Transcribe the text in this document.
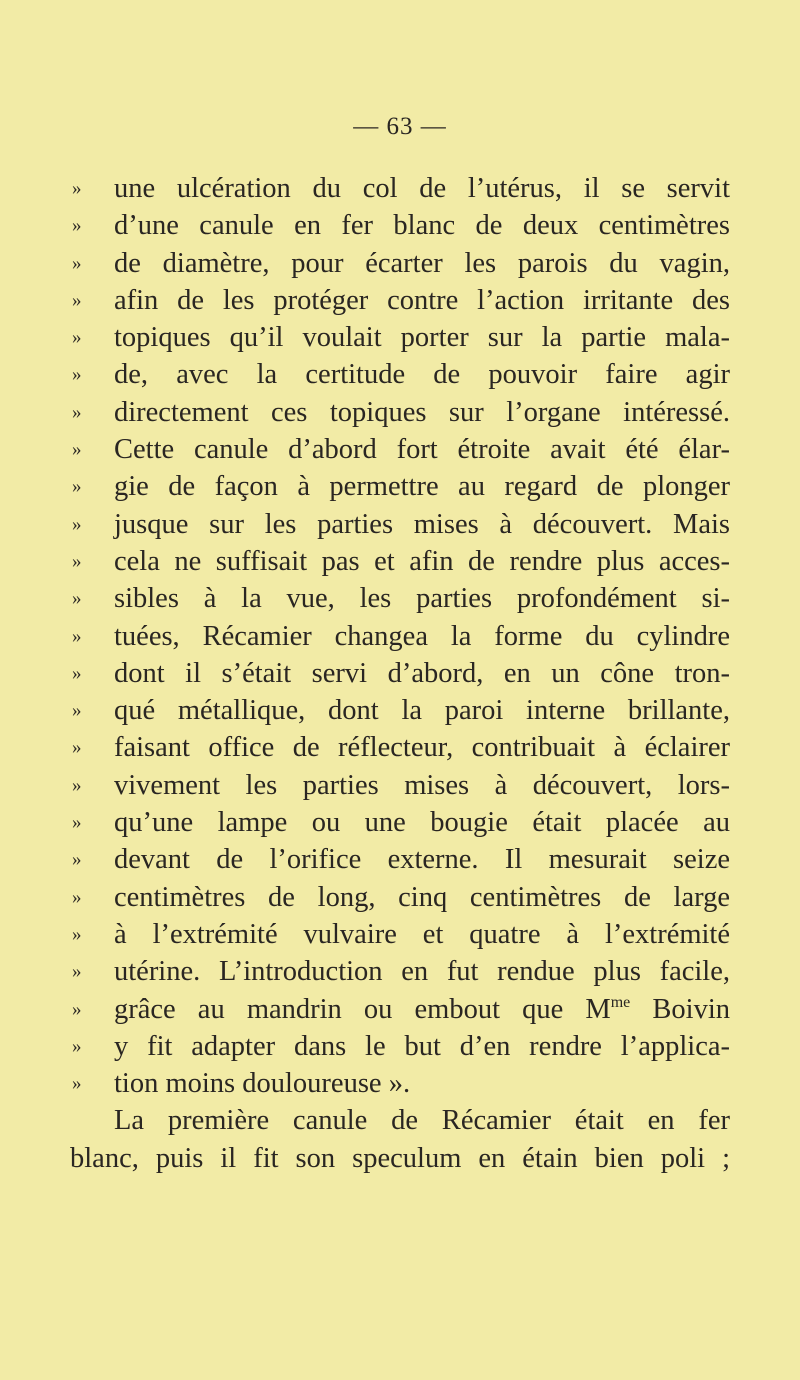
— 63 —
» une ulcération du col de l’utérus, il se servit
» d’une canule en fer blanc de deux centimètres
» de diamètre, pour écarter les parois du vagin,
» afin de les protéger contre l’action irritante des
» topiques qu’il voulait porter sur la partie mala-
» de, avec la certitude de pouvoir faire agir
» directement ces topiques sur l’organe intéressé.
» Cette canule d’abord fort étroite avait été élar-
» gie de façon à permettre au regard de plonger
» jusque sur les parties mises à découvert. Mais
» cela ne suffisait pas et afin de rendre plus acces-
» sibles à la vue, les parties profondément si-
» tuées, Récamier changea la forme du cylindre
» dont il s’était servi d’abord, en un cône tron-
» qué métallique, dont la paroi interne brillante,
» faisant office de réflecteur, contribuait à éclairer
» vivement les parties mises à découvert, lors-
» qu’une lampe ou une bougie était placée au
» devant de l’orifice externe. Il mesurait seize
» centimètres de long, cinq centimètres de large
» à l’extrémité vulvaire et quatre à l’extrémité
» utérine. L’introduction en fut rendue plus facile,
» grâce au mandrin ou embout que $M^{me}$ Boivin
» y fit adapter dans le but d’en rendre l’applica-
» tion moins douloureuse ».
La première canule de Récamier était en fer
blanc, puis il fit son speculum en étain bien poli ;
